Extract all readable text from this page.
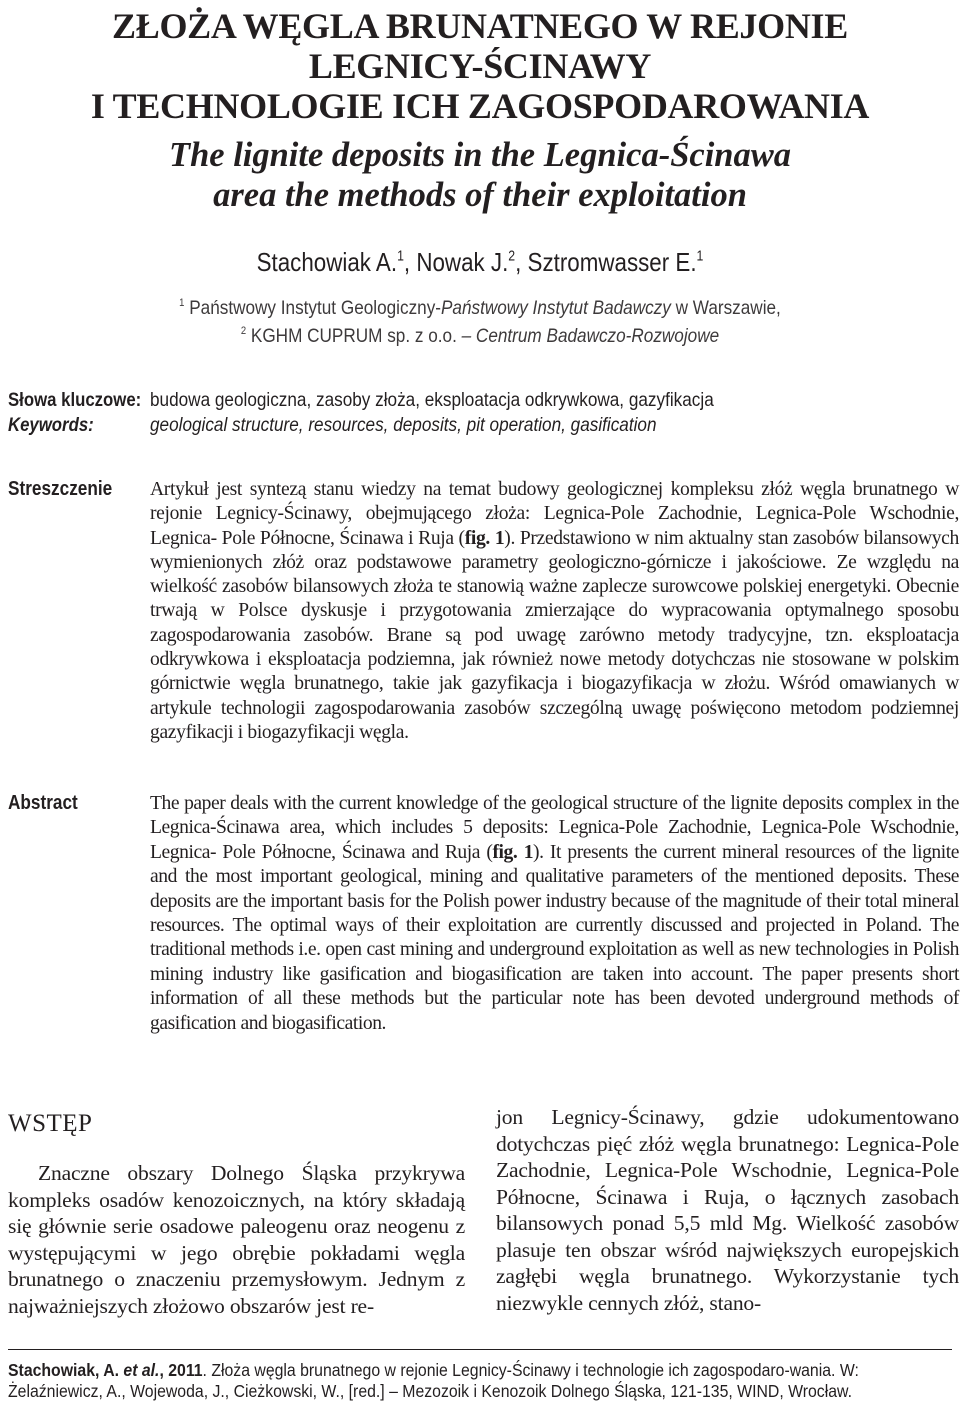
ZŁOŻA WĘGLA BRUNATNEGO W REJONIE
LEGNICY-ŚCINAWY
I TECHNOLOGIE ICH ZAGOSPODAROWANIA
The lignite deposits in the Legnica-Ścinawa
area the methods of their exploitation
Stachowiak A.$^1$, Nowak J.$^2$, Sztromwasser E.$^1$
$^1$ Państwowy Instytut Geologiczny-Państwowy Instytut Badawczy w Warszawie,
$^2$ KGHM CUPRUM sp. z o.o. – Centrum Badawczo-Rozwojowe
Słowa kluczowe: budowa geologiczna, zasoby złoża, eksploatacja odkrywkowa, gazyfikacja
Keywords:	geological structure, resources, deposits, pit operation, gasification
Streszczenie Artykuł jest syntezą stanu wiedzy na temat budowy geologicznej kompleksu złóż węgla brunatnego w rejonie Legnicy-Ścinawy, obejmującego złoża: Legnica-Pole Zachodnie, Legnica-Pole Wschodnie, Legnica- Pole Północne, Ścinawa i Ruja (fig. 1). Przedstawiono w nim aktualny stan zasobów bilansowych wymienionych złóż oraz podstawowe parametry geologiczno-górnicze i jakościowe. Ze względu na wielkość zasobów bilansowych złoża te stanowią ważne zaplecze surowcowe polskiej energetyki. Obecnie trwają w Polsce dyskusje i przygotowania zmierzające do wypracowania optymalnego sposobu zagospodarowania zasobów. Brane są pod uwagę zarówno metody tradycyjne, tzn. eksploatacja odkrywkowa i eksploatacja podziemna, jak również nowe metody dotychczas nie stosowane w polskim górnictwie węgla brunatnego, takie jak gazyfikacja i biogazyfikacja w złożu. Wśród omawianych w artykule technologii zagospodarowania zasobów szczególną uwagę poświęcono metodom podziemnej gazyfikacji i biogazyfikacji węgla.
Abstract	The paper deals with the current knowledge of the geological structure of the lignite deposits complex in the Legnica-Ścinawa area, which includes 5 deposits: Legnica-Pole Zachodnie, Legnica-Pole Wschodnie, Legnica- Pole Północne, Ścinawa and Ruja (fig. 1). It presents the current mineral resources of the lignite and the most important geological, mining and qualitative parameters of the mentioned deposits. These deposits are the important basis for the Polish power industry because of the magnitude of their total mineral resources. The optimal ways of their exploitation are currently discussed and projected in Poland. The traditional methods i.e. open cast mining and underground exploitation as well as new technologies in Polish mining industry like gasification and biogasification are taken into account. The paper presents short information of all these methods but the particular note has been devoted underground methods of gasification and biogasification.
WSTĘP

Znaczne obszary Dolnego Śląska przykrywa kompleks osadów kenozoicznych, na który składają się głównie serie osadowe paleogenu oraz neogenu z występującymi w jego obrębie pokładami węgla brunatnego o znaczeniu przemysłowym. Jednym z najważniejszych złożowo obszarów jest re-

jon Legnicy-Ścinawy, gdzie udokumentowano dotychczas pięć złóż węgla brunatnego: Legnica-Pole Zachodnie, Legnica-Pole Wschodnie, Legnica-Pole Północne, Ścinawa i Ruja, o łącznych zasobach bilansowych ponad 5,5 mld Mg. Wielkość zasobów plasuje ten obszar wśród największych europejskich zagłębi węgla brunatnego. Wykorzystanie tych niezwykle cennych złóż, stano-

Stachowiak, A. et al., 2011. Złoża węgla brunatnego w rejonie Legnicy-Ścinawy i technologie ich zagospodaro-wania. W: Żelaźniewicz, A., Wojewoda, J., Cieżkowski, W., [red.] – Mezozoik i Kenozoik Dolnego Śląska, 121-135, WIND, Wrocław.
